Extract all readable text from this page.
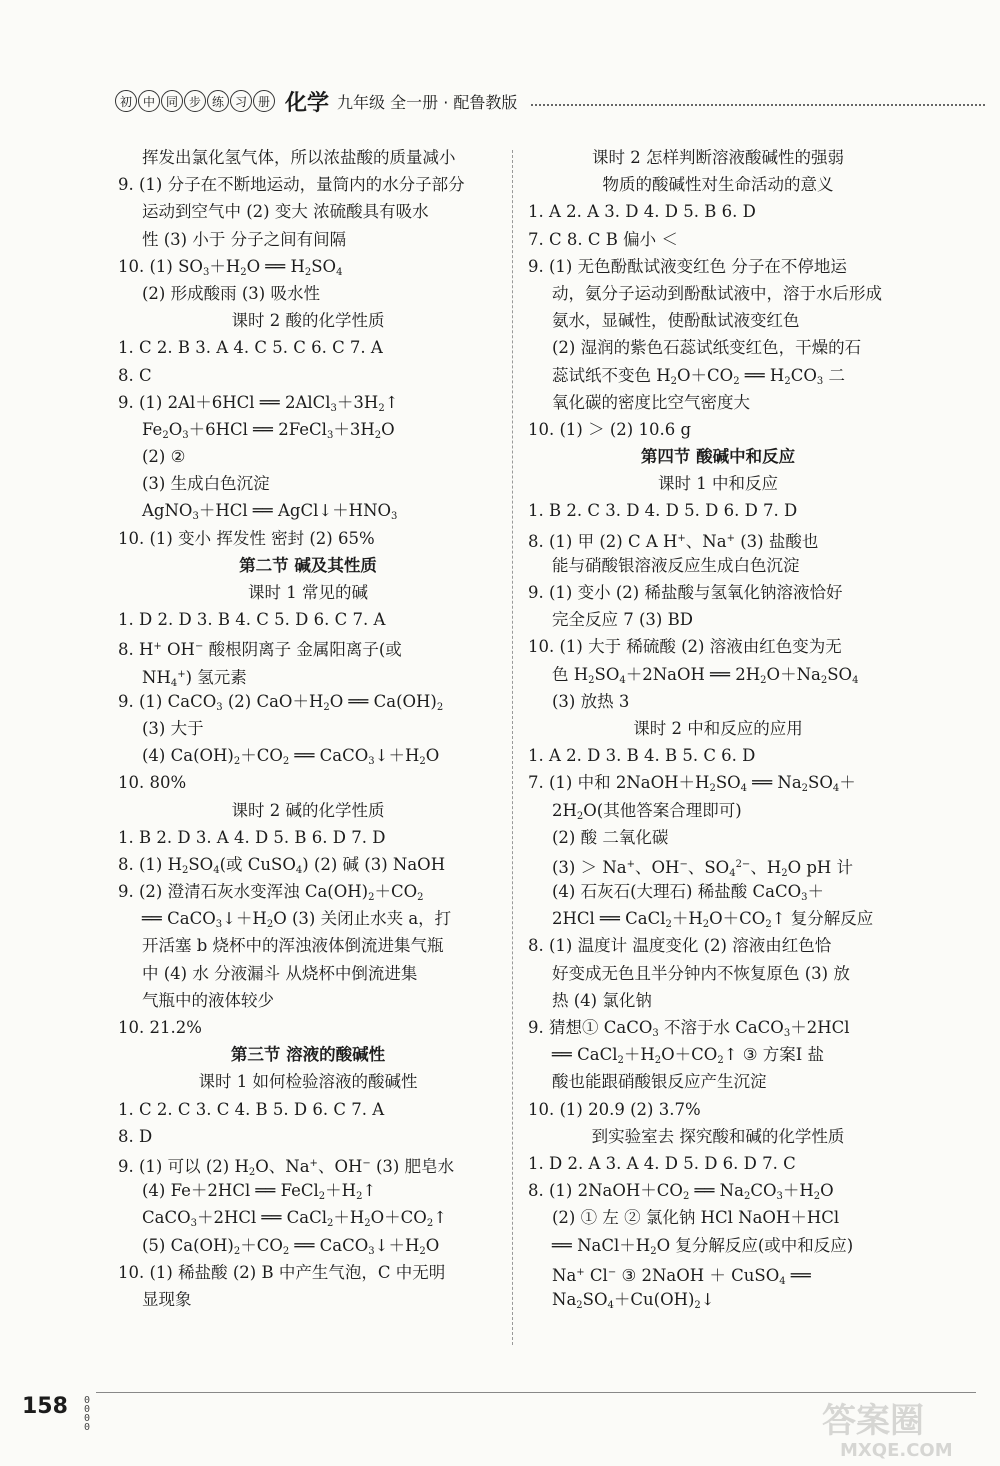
初 中 同 步 练 习 册 化学 九年级 全一册 · 配鲁教版
挥发出氯化氢气体，所以浓盐酸的质量减小
9. (1) 分子在不断地运动，量筒内的水分子部分
运动到空气中 (2) 变大 浓硫酸具有吸水
性 (3) 小于 分子之间有间隔
10. (1) $SO_3+H_2O$ ══ $H_2SO_4$
(2) 形成酸雨 (3) 吸水性
课时 2 酸的化学性质
1. C 2. B 3. A 4. C 5. C 6. C 7. A
8. C
9. (1) 2Al＋6HCl ══ $2AlCl_3+3H_2↑$
$Fe_2O_3+6HCl$ ══ $2FeCl_3+3H_2O$
(2) ②
(3) 生成白色沉淀
AgNO$_3$＋HCl ══ $AgCl↓+HNO_3$
10. (1) 变小 挥发性 密封 (2) 65%
第二节 碱及其性质
课时 1 常见的碱
1. D 2. D 3. B 4. C 5. D 6. C 7. A
8. H+ OH− 酸根阴离子 金属阳离子(或
$NH_4^+$) 氢元素
9. (1) CaCO$_3$ (2) $CaO+H_2O$ ══ $Ca(OH)_2$
(3) 大于
(4) $Ca(OH)_2+CO_2$ ══ $CaCO_3↓+H_2O$
10. 80%
课时 2 碱的化学性质
1. B 2. D 3. A 4. D 5. B 6. D 7. D
8. (1) $H_2SO_4$(或 CuSO$_4$) (2) 碱 (3) NaOH
9. (2) 澄清石灰水变浑浊 $Ca(OH)_2+CO_2$
══ $CaCO_3↓+H_2O$ (3) 关闭止水夹 a，打
开活塞 b 烧杯中的浑浊液体倒流进集气瓶
中 (4) 水 分液漏斗 从烧杯中倒流进集
气瓶中的液体较少
10. 21.2%
第三节 溶液的酸碱性
课时 1 如何检验溶液的酸碱性
1. C 2. C 3. C 4. B 5. D 6. C 7. A
8. D
9. (1) 可以 (2) $H_2O$、Na+、OH− (3) 肥皂水
(4) Fe＋2HCl ══ $FeCl_2+H_2↑$
CaCO$_3$＋2HCl ══ $CaCl_2+H_2O+CO_2↑$
(5) $Ca(OH)_2+CO_2$ ══ $CaCO_3↓+H_2O$
10. (1) 稀盐酸 (2) B 中产生气泡，C 中无明
显现象
课时 2 怎样判断溶液酸碱性的强弱
物质的酸碱性对生命活动的意义
1. A 2. A 3. D 4. D 5. B 6. D
7. C 8. C B 偏小 ＜
9. (1) 无色酚酞试液变红色 分子在不停地运
动，氨分子运动到酚酞试液中，溶于水后形成
氨水，显碱性，使酚酞试液变红色
(2) 湿润的紫色石蕊试纸变红色，干燥的石
蕊试纸不变色 $H_2O+CO_2$ ══ $H_2CO_3$ 二
氧化碳的密度比空气密度大
10. (1) ＞ (2) 10.6 g
第四节 酸碱中和反应
课时 1 中和反应
1. B 2. C 3. D 4. D 5. D 6. D 7. D
8. (1) 甲 (2) C A H+、Na+ (3) 盐酸也
能与硝酸银溶液反应生成白色沉淀
9. (1) 变小 (2) 稀盐酸与氢氧化钠溶液恰好
完全反应 7 (3) BD
10. (1) 大于 稀硫酸 (2) 溶液由红色变为无
色 $H_2SO_4+2NaOH$ ══ $2H_2O+Na_2SO_4$
(3) 放热 3
课时 2 中和反应的应用
1. A 2. D 3. B 4. B 5. C 6. D
7. (1) 中和 $2NaOH+H_2SO_4$ ══ $Na_2SO_4+$
$2H_2O$(其他答案合理即可)
(2) 酸 二氧化碳
(3) ＞ Na+、OH−、$SO_4^{2-}$、$H_2O$ pH 计
(4) 石灰石(大理石) 稀盐酸 CaCO$_3$＋
2HCl ══ $CaCl_2+H_2O+CO_2↑$ 复分解反应
8. (1) 温度计 温度变化 (2) 溶液由红色恰
好变成无色且半分钟内不恢复原色 (3) 放
热 (4) 氯化钠
9. 猜想① CaCO$_3$ 不溶于水 CaCO$_3$＋2HCl
══ $CaCl_2+H_2O+CO_2↑$ ③ 方案Ⅰ 盐
酸也能跟硝酸银反应产生沉淀
10. (1) 20.9 (2) 3.7%
到实验室去 探究酸和碱的化学性质
1. D 2. A 3. A 4. D 5. D 6. D 7. C
8. (1) $2NaOH+CO_2$ ══ $Na_2CO_3+H_2O$
(2) ① 左 ② 氯化钠 HCl NaOH＋HCl
══ $NaCl+H_2O$ 复分解反应(或中和反应)
Na+ Cl− ③ 2NaOH ＋ CuSO$_4$ ══
$Na_2SO_4+Cu(OH)_2↓$
158 0000	答案圈
MXQE.COM
